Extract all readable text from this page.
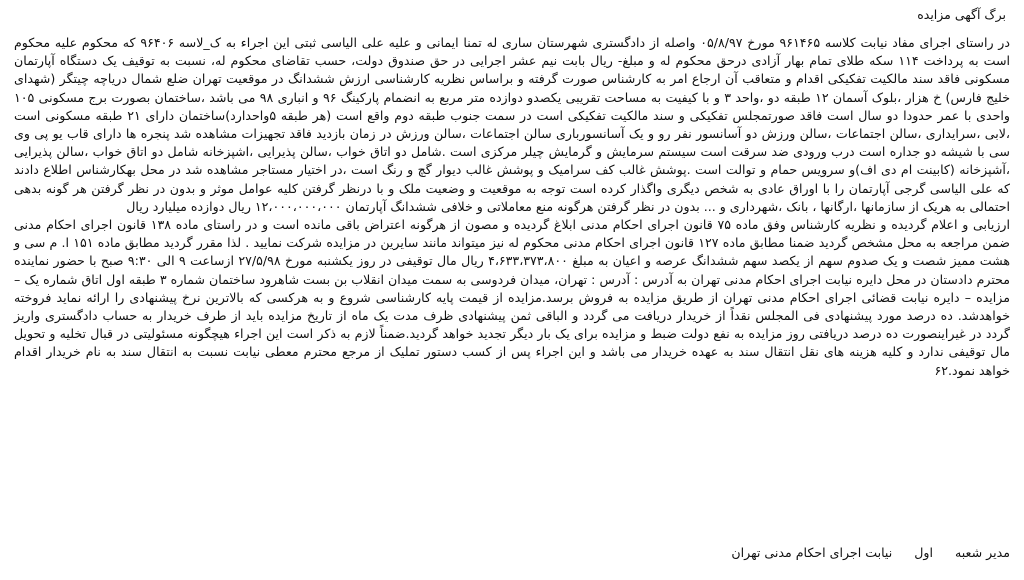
برگ آگهی مزایده

در راستای اجرای مفاد نیابت کلاسه ۹۶۱۴۶۵ مورخ ۰۵/۸/۹۷ واصله از دادگستری شهرستان ساری له تمنا ایمانی و علیه علی الیاسی ثبتی این اجراء به ک_لاسه ۹۶۴۰۶ که محکوم علیه محکوم است به پرداخت ۱۱۴ سکه طلای تمام بهار آزادی درحق محکوم له و مبلغ- ریال بابت نیم عشر اجرایی در حق صندوق دولت، حسب تقاضای محکوم له، نسبت به توقیف یک دستگاه آپارتمان مسکونی فاقد سند مالکیت تفکیکی اقدام و متعاقب آن ارجاع امر به کارشناس صورت گرفته و براساس نظریه کارشناسی ارزش ششدانگ در موقعیت تهران ضلع شمال دریاچه چیتگر (شهدای خلیج فارس) خ هزار ،بلوک آسمان ۱۲ طبقه دو ،واحد ۳ و با کیفیت به مساحت تقریبی یکصدو دوازده متر مربع به انضمام پارکینگ ۹۶ و انباری ۹۸ می باشد ،ساختمان بصورت برج مسکونی ۱۰۵ واحدی با عمر حدودا دو سال است فاقد صورتمجلس تفکیکی و سند مالکیت تفکیکی است در سمت جنوب طبقه دوم واقع است (هر طبقه ۵واحدارد)ساختمان دارای ۲۱ طبقه مسکونی است ،لابی ،سرایداری ،سالن اجتماعات ،سالن ورزش دو آسانسور نفر رو و یک آسانسورباری سالن اجتماعات ،سالن ورزش در زمان بازدید فاقد تجهیزات مشاهده شد پنجره ها دارای قاب یو پی وی سی با شیشه دو جداره است درب ورودی ضد سرقت است سیستم سرمایش و گرمایش چیلر مرکزی است .شامل دو اتاق خواب ،سالن پذیرایی ،اشپزخانه شامل دو اتاق خواب ،سالن پذیرایی ،آشپزخانه (کابینت ام دی اف)و سرویس حمام و توالت است .پوشش غالب کف سرامیک و پوشش غالب دیوار گچ و رنگ است ،در اختیار مستاجر مشاهده شد در محل بهکارشناس اطلاع دادند که علی الیاسی گرجی آپارتمان را با اوراق عادی به شخص دیگری واگذار کرده است توجه به موقعیت و وضعیت ملک و با درنظر گرفتن کلیه عوامل موثر و بدون در نظر گرفتن هر گونه بدهی احتمالی به هریک از سازمانها ،ارگانها ، بانک ،شهرداری و ... بدون در نظر گرفتن هرگونه منع معاملاتی و خلافی ششدانگ آپارتمان ۱۲،۰۰۰،۰۰۰،۰۰۰ ریال دوازده میلیارد ریال

ارزیابی و اعلام گردیده و نظریه کارشناس وفق ماده ۷۵ قانون اجرای احکام مدنی ابلاغ گردیده و مصون از هرگونه اعتراض باقی مانده است و در راستای ماده ۱۳۸ قانون اجرای احکام مدنی ضمن مراجعه به محل مشخص گردید ضمنا مطابق ماده ۱۲۷ قانون اجرای احکام مدنی محکوم له نیز میتواند مانند سایرین در مزایده شرکت نمایید . لذا مقرر گردید مطابق ماده ۱۵۱ ا. م سی و هشت ممیز شصت و یک صدوم سهم از یکصد سهم ششدانگ عرصه و اعیان به مبلغ ۴،۶۳۳،۳۷۳،۸۰۰ ریال مال توقیفی در روز یکشنبه مورخ ۲۷/۵/۹۸ ازساعت ۹ الی ۹:۳۰ صبح با حضور نماینده محترم دادستان در محل دایره نیابت اجرای احکام مدنی تهران به آدرس : آدرس : تهران، میدان فردوسی به سمت میدان انقلاب بن بست شاهرود ساختمان شماره ۳ طبقه اول اتاق شماره یک –مزایده – دایره نیابت قضائی اجرای احکام مدنی تهران از طریق مزایده به فروش برسد.مزایده از قیمت پایه کارشناسی شروع و به هرکسی که بالاترین نرخ پیشنهادی را ارائه نماید فروخته خواهدشد. ده درصد مورد پیشنهادی فی المجلس نقداً از خریدار دریافت می گردد و الباقی ثمن پیشنهادی ظرف مدت یک ماه از تاریخ مزایده باید از طرف خریدار به حساب دادگستری واریز گردد در غیراینصورت ده درصد دریافتی روز مزایده به نفع دولت ضبط و مزایده برای یک بار دیگر تجدید خواهد گردید.ضمناً لازم به ذکر است این اجراء هیچگونه مسئولیتی در قبال تخلیه و تحویل مال توقیفی ندارد و کلیه هزینه های نقل انتقال سند به عهده خریدار می باشد و این اجراء پس از کسب دستور تملیک از مرجع محترم معطی نیابت نسبت به انتقال سند به نام خریدار اقدام خواهد نمود.۶۲

مدیر شعبه اول نیابت اجرای احکام مدنی تهران
